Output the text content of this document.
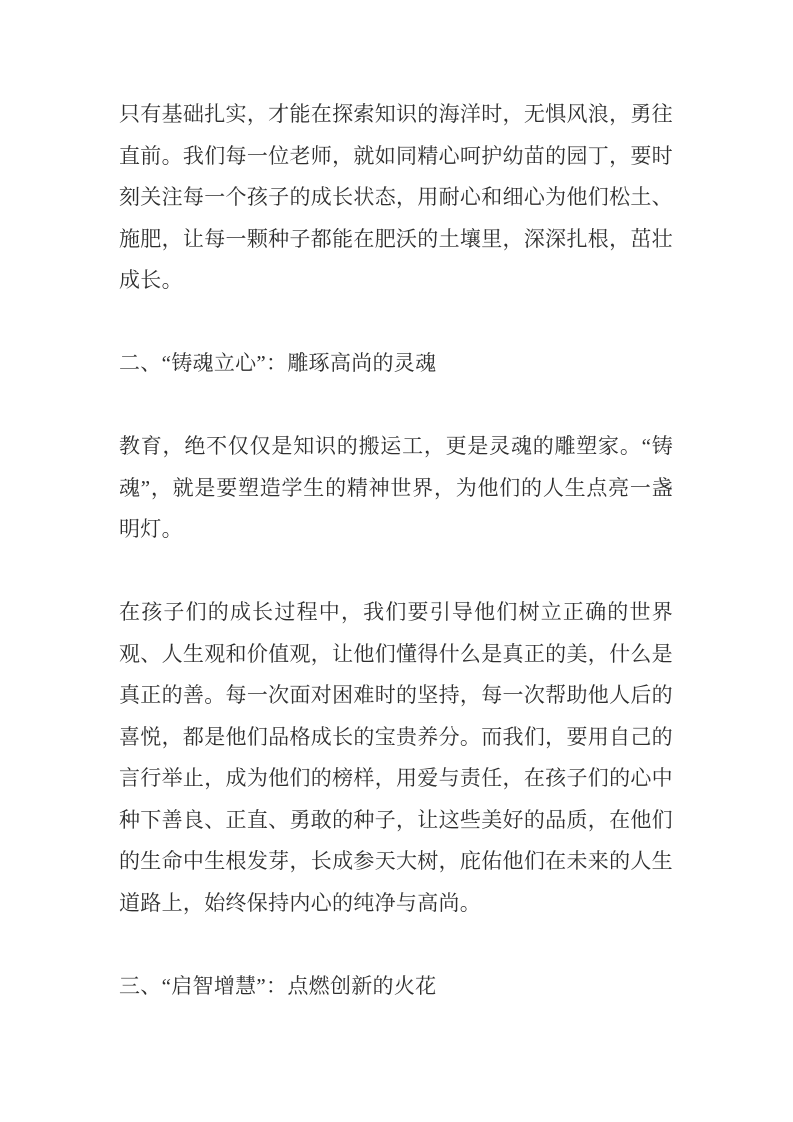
只有基础扎实，才能在探索知识的海洋时，无惧风浪，勇往直前。我们每一位老师，就如同精心呵护幼苗的园丁，要时刻关注每一个孩子的成长状态，用耐心和细心为他们松土、施肥，让每一颗种子都能在肥沃的土壤里，深深扎根，茁壮成长。

二、“铸魂立心”：雕琢高尚的灵魂

教育，绝不仅仅是知识的搬运工，更是灵魂的雕塑家。“铸魂”，就是要塑造学生的精神世界，为他们的人生点亮一盏明灯。

在孩子们的成长过程中，我们要引导他们树立正确的世界观、人生观和价值观，让他们懂得什么是真正的美，什么是真正的善。每一次面对困难时的坚持，每一次帮助他人后的喜悦，都是他们品格成长的宝贵养分。而我们，要用自己的言行举止，成为他们的榜样，用爱与责任，在孩子们的心中种下善良、正直、勇敢的种子，让这些美好的品质，在他们的生命中生根发芽，长成参天大树，庇佑他们在未来的人生道路上，始终保持内心的纯净与高尚。

三、“启智增慧”：点燃创新的火花
